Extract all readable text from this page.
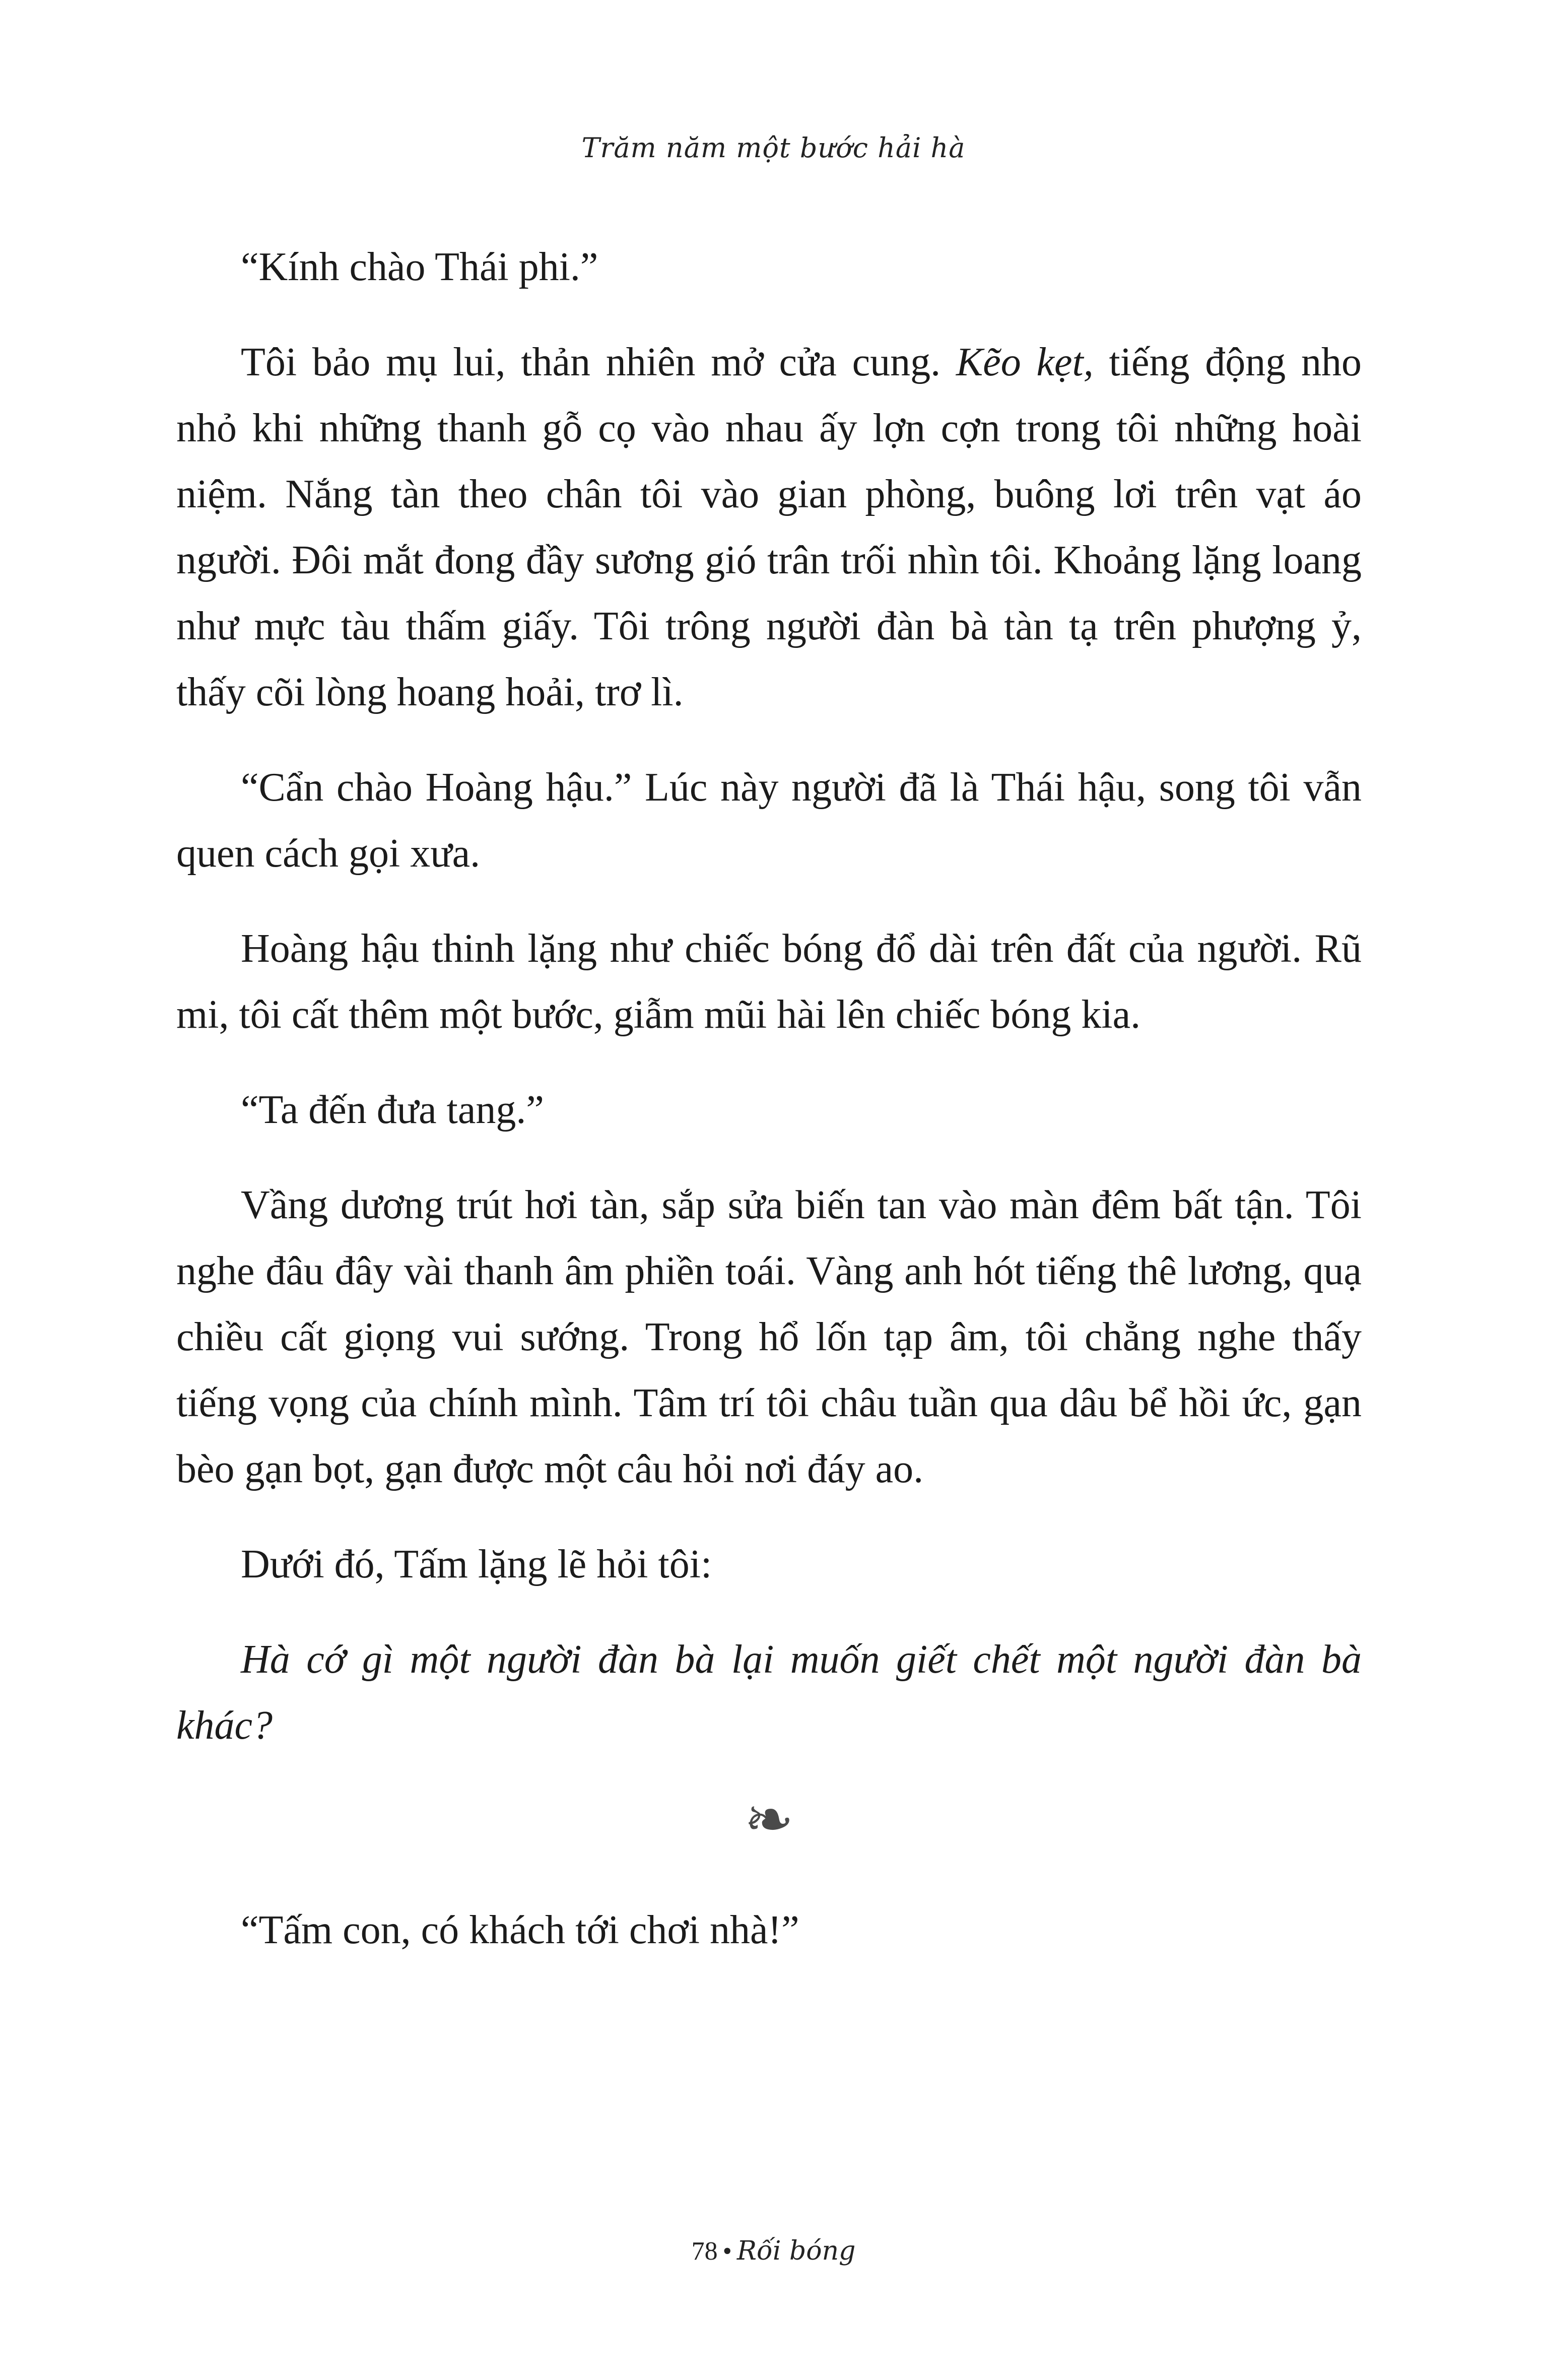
Trăm năm một bước hải hà

“Kính chào Thái phi.”

Tôi bảo mụ lui, thản nhiên mở cửa cung. Kẽo kẹt, tiếng động nho nhỏ khi những thanh gỗ cọ vào nhau ấy lợn cợn trong tôi những hoài niệm. Nắng tàn theo chân tôi vào gian phòng, buông lơi trên vạt áo người. Đôi mắt đong đầy sương gió trân trối nhìn tôi. Khoảng lặng loang như mực tàu thấm giấy. Tôi trông người đàn bà tàn tạ trên phượng ỷ, thấy cõi lòng hoang hoải, trơ lì.

“Cẩn chào Hoàng hậu.” Lúc này người đã là Thái hậu, song tôi vẫn quen cách gọi xưa.

Hoàng hậu thinh lặng như chiếc bóng đổ dài trên đất của người. Rũ mi, tôi cất thêm một bước, giẫm mũi hài lên chiếc bóng kia.

“Ta đến đưa tang.”

Vầng dương trút hơi tàn, sắp sửa biến tan vào màn đêm bất tận. Tôi nghe đâu đây vài thanh âm phiền toái. Vàng anh hót tiếng thê lương, quạ chiều cất giọng vui sướng. Trong hổ lốn tạp âm, tôi chẳng nghe thấy tiếng vọng của chính mình. Tâm trí tôi châu tuần qua dâu bể hồi ức, gạn bèo gạn bọt, gạn được một câu hỏi nơi đáy ao.

Dưới đó, Tấm lặng lẽ hỏi tôi:

Hà cớ gì một người đàn bà lại muốn giết chết một người đàn bà khác?

❧

“Tấm con, có khách tới chơi nhà!”

78 • Rối bóng
